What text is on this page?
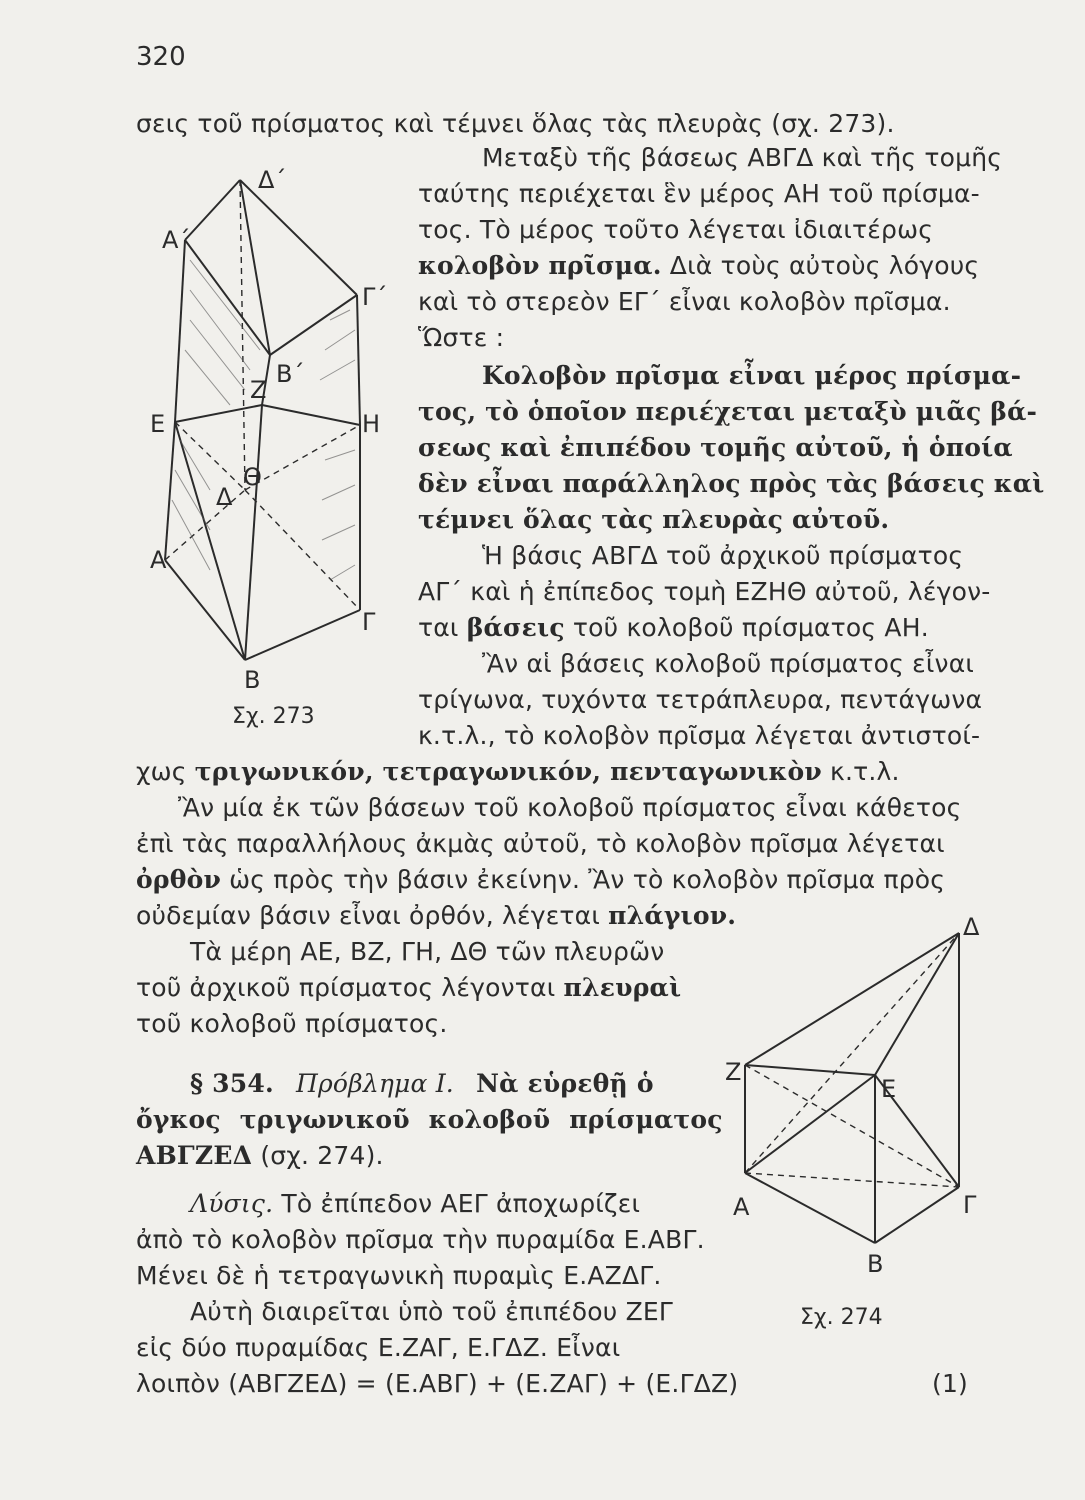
320
Δ΄
Α΄
Γ΄
Β΄
Ζ
Ε	Η
Θ
Δ
Α
Γ
Β
Σχ. 273
σεις τοῦ πρίσματος καὶ τέμνει ὅλας τὰς πλευρὰς (σχ. 273).
Μεταξὺ τῆς βάσεως ΑΒΓΔ καὶ τῆς τομῆς
ταύτης περιέχεται ἓν μέρος ΑΗ τοῦ πρίσμα-
τος. Τὸ μέρος τοῦτο λέγεται ἰδιαιτέρως
κολοβὸν πρῖσμα. Διὰ τοὺς αὐτοὺς λόγους
καὶ τὸ στερεὸν ΕΓ΄ εἶναι κολοβὸν πρῖσμα.
Ὥστε :
Κολοβὸν πρῖσμα εἶναι μέρος πρίσμα-
τος, τὸ ὁποῖον περιέχεται μεταξὺ μιᾶς βά-
σεως καὶ ἐπιπέδου τομῆς αὐτοῦ, ἡ ὁποία
δὲν εἶναι παράλληλος πρὸς τὰς βάσεις καὶ
τέμνει ὅλας τὰς πλευρὰς αὐτοῦ.
Ἡ βάσις ΑΒΓΔ τοῦ ἀρχικοῦ πρίσματος
ΑΓ΄ καὶ ἡ ἐπίπεδος τομὴ ΕΖΗΘ αὐτοῦ, λέγον-
ται βάσεις τοῦ κολοβοῦ πρίσματος ΑΗ.
Ἂν αἱ βάσεις κολοβοῦ πρίσματος εἶναι
τρίγωνα, τυχόντα τετράπλευρα, πεντάγωνα
κ.τ.λ., τὸ κολοβὸν πρῖσμα λέγεται ἀντιστοί-
χως τριγωνικόν, τετραγωνικόν, πενταγωνικὸν κ.τ.λ.
Ἂν μία ἐκ τῶν βάσεων τοῦ κολοβοῦ πρίσματος εἶναι κάθετος
ἐπὶ τὰς παραλλήλους ἀκμὰς αὐτοῦ, τὸ κολοβὸν πρῖσμα λέγεται
ὀρθὸν ὡς πρὸς τὴν βάσιν ἐκείνην. Ἂν τὸ κολοβὸν πρῖσμα πρὸς
οὐδεμίαν βάσιν εἶναι ὀρθόν, λέγεται πλάγιον.
Τὰ μέρη ΑΕ, ΒΖ, ΓΗ, ΔΘ τῶν πλευρῶν
τοῦ ἀρχικοῦ πρίσματος λέγονται πλευραὶ
τοῦ κολοβοῦ πρίσματος.
§ 354. Πρόβλημα Ι. Νὰ εὑρεθῇ ὁ
ὄγκος τριγωνικοῦ κολοβοῦ πρίσματος
ΑΒΓΖΕΔ (σχ. 274).
Λύσις. Τὸ ἐπίπεδον ΑΕΓ ἀποχωρίζει
ἀπὸ τὸ κολοβὸν πρῖσμα τὴν πυραμίδα Ε.ΑΒΓ.
Μένει δὲ ἡ τετραγωνικὴ πυραμὶς Ε.ΑΖΔΓ.
Αὐτὴ διαιρεῖται ὑπὸ τοῦ ἐπιπέδου ΖΕΓ
εἰς δύο πυραμίδας Ε.ΖΑΓ, Ε.ΓΔΖ. Εἶναι
λοιπὸν (ΑΒΓΖΕΔ) = (Ε.ΑΒΓ) + (Ε.ΖΑΓ) + (Ε.ΓΔΖ)	(1)
Δ
Ζ
Ε
Α	Γ
Β
Σχ. 274
